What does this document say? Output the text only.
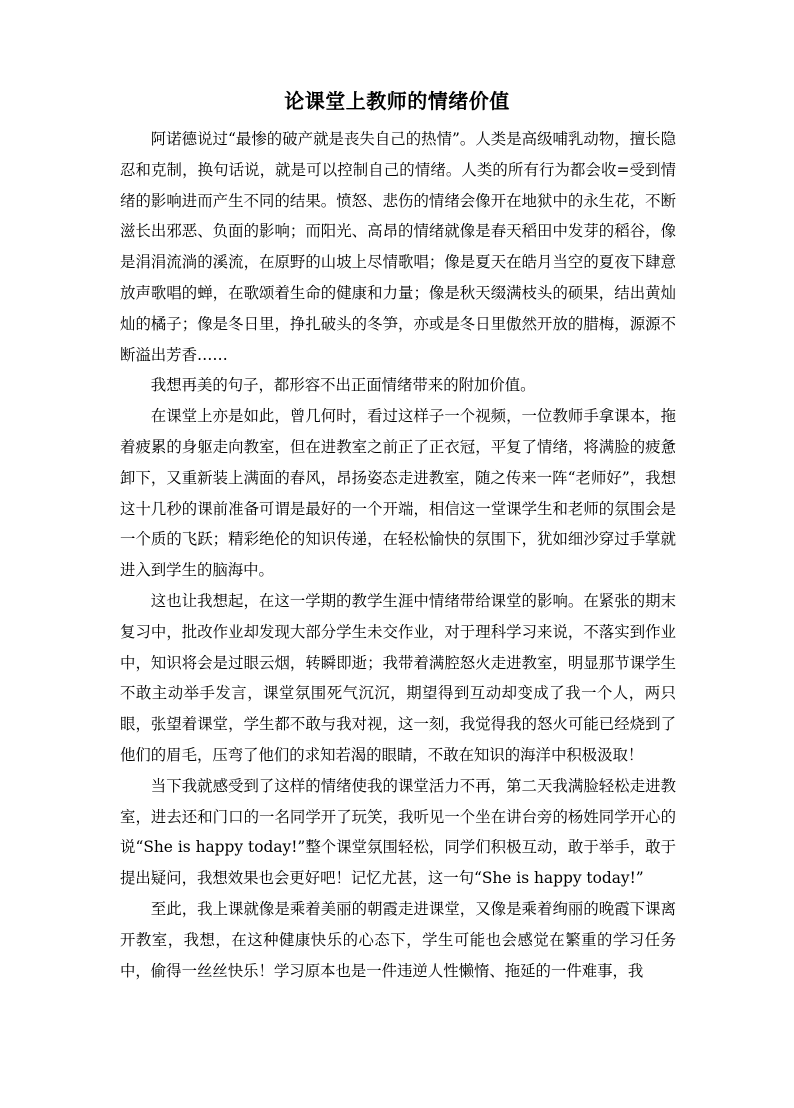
论课堂上教师的情绪价值

阿诺德说过“最惨的破产就是丧失自己的热情”。人类是高级哺乳动物，擅长隐忍和克制，换句话说，就是可以控制自己的情绪。人类的所有行为都会收=受到情绪的影响进而产生不同的结果。愤怒、悲伤的情绪会像开在地狱中的永生花，不断滋长出邪恶、负面的影响；而阳光、高昂的情绪就像是春天稻田中发芽的稻谷，像是涓涓流淌的溪流，在原野的山坡上尽情歌唱；像是夏天在皓月当空的夏夜下肆意放声歌唱的蝉，在歌颂着生命的健康和力量；像是秋天缀满枝头的硕果，结出黄灿灿的橘子；像是冬日里，挣扎破头的冬笋，亦或是冬日里傲然开放的腊梅，源源不断溢出芳香……

我想再美的句子，都形容不出正面情绪带来的附加价值。

在课堂上亦是如此，曾几何时，看过这样子一个视频，一位教师手拿课本，拖着疲累的身躯走向教室，但在进教室之前正了正衣冠，平复了情绪，将满脸的疲惫卸下，又重新装上满面的春风，昂扬姿态走进教室，随之传来一阵“老师好”，我想这十几秒的课前准备可谓是最好的一个开端，相信这一堂课学生和老师的氛围会是一个质的飞跃；精彩绝伦的知识传递，在轻松愉快的氛围下，犹如细沙穿过手掌就进入到学生的脑海中。

这也让我想起，在这一学期的教学生涯中情绪带给课堂的影响。在紧张的期末复习中，批改作业却发现大部分学生未交作业，对于理科学习来说，不落实到作业中，知识将会是过眼云烟，转瞬即逝；我带着满腔怒火走进教室，明显那节课学生不敢主动举手发言，课堂氛围死气沉沉，期望得到互动却变成了我一个人，两只眼，张望着课堂，学生都不敢与我对视，这一刻，我觉得我的怒火可能已经烧到了他们的眉毛，压弯了他们的求知若渴的眼睛，不敢在知识的海洋中积极汲取！

当下我就感受到了这样的情绪使我的课堂活力不再，第二天我满脸轻松走进教室，进去还和门口的一名同学开了玩笑，我听见一个坐在讲台旁的杨姓同学开心的说“She is happy today!”整个课堂氛围轻松，同学们积极互动，敢于举手，敢于提出疑问，我想效果也会更好吧！记忆尤甚，这一句“She is happy today!”

至此，我上课就像是乘着美丽的朝霞走进课堂，又像是乘着绚丽的晚霞下课离开教室，我想，在这种健康快乐的心态下，学生可能也会感觉在繁重的学习任务中，偷得一丝丝快乐！学习原本也是一件违逆人性懒惰、拖延的一件难事，我
